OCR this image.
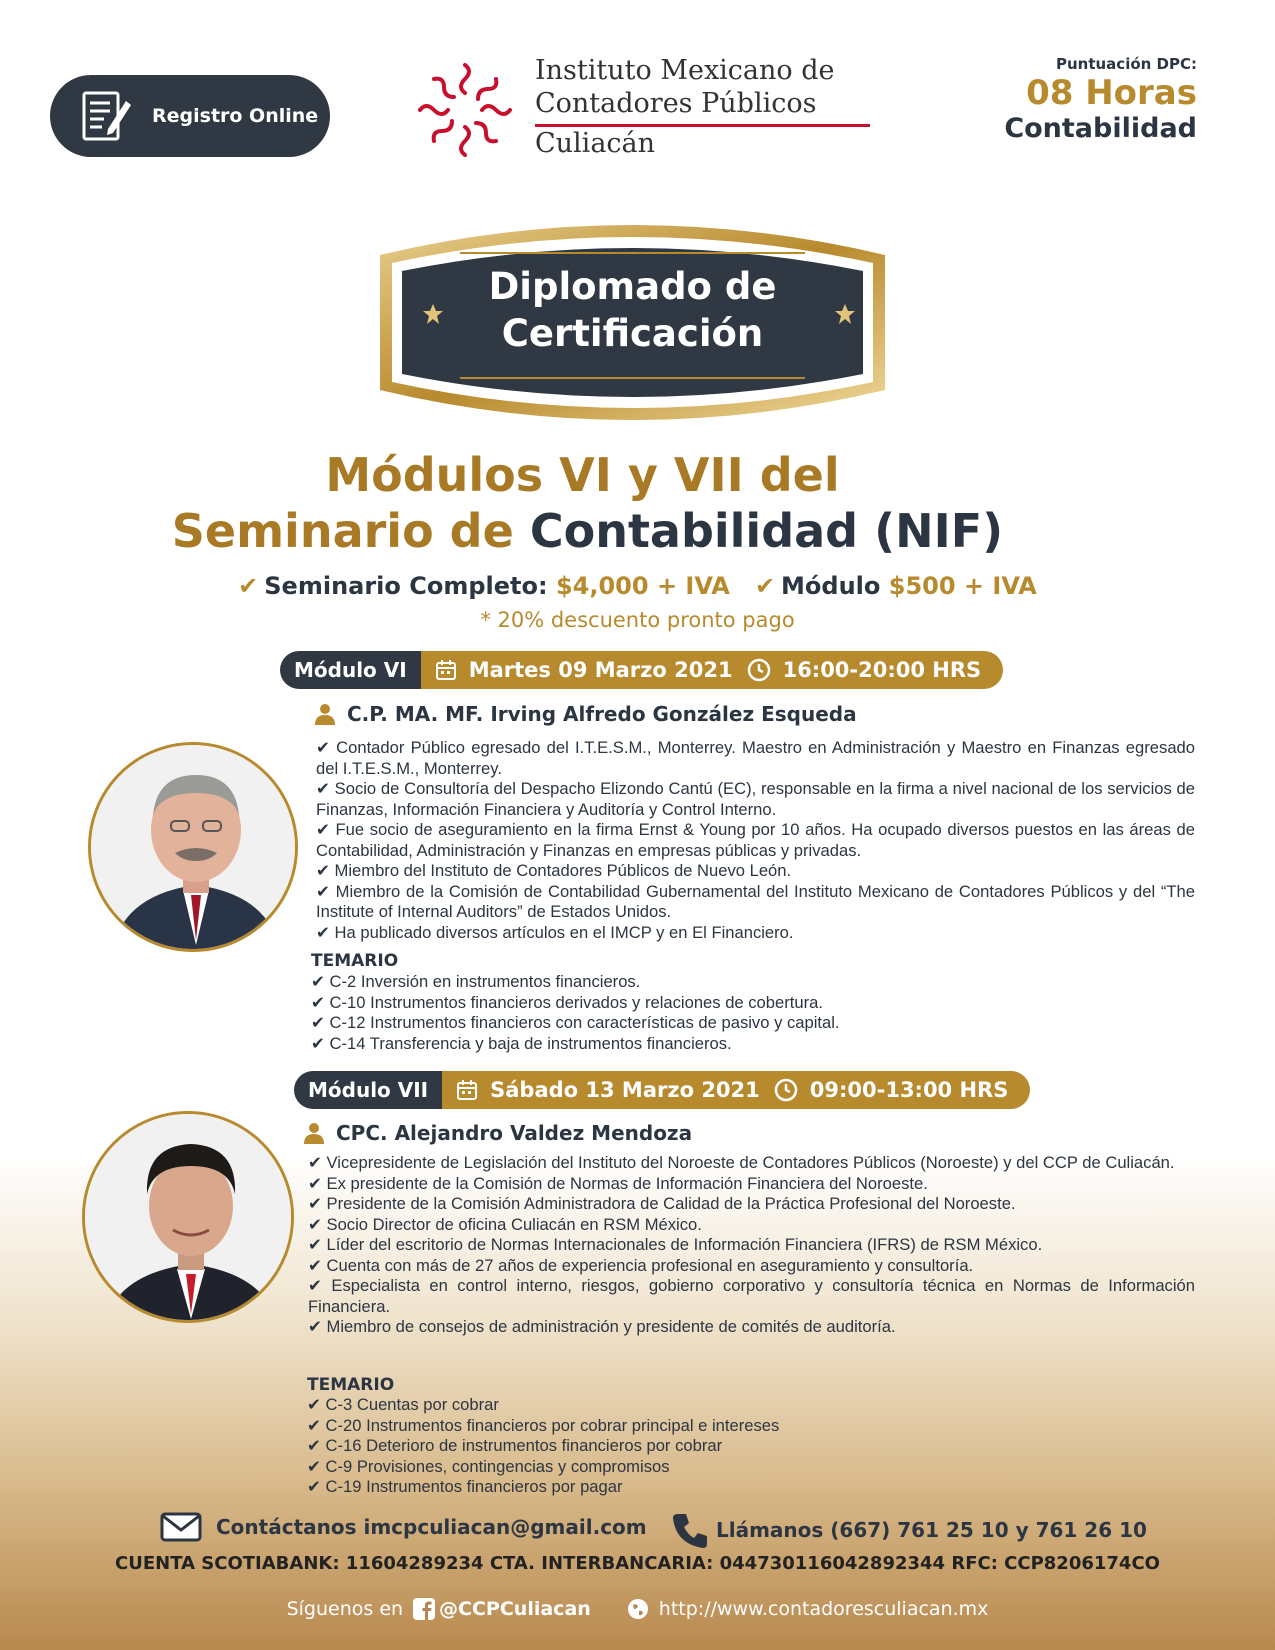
Registro Online
Instituto Mexicano de
Contadores Públicos
Culiacán
Puntuación DPC:
08 Horas
Contabilidad
Diplomado de
Certificación
Módulos VI y VII del
Seminario de Contabilidad (NIF)
✔ Seminario Completo: $4,000 + IVA ✔ Módulo $500 + IVA
* 20% descuento pronto pago
Módulo VI	Martes 09 Marzo 2021 16:00-20:00 HRS
C.P. MA. MF. Irving Alfredo González Esqueda
✔ Contador Público egresado del I.T.E.S.M., Monterrey. Maestro en Administración y Maestro en Finanzas egresado del I.T.E.S.M., Monterrey.
✔ Socio de Consultoría del Despacho Elizondo Cantú (EC), responsable en la firma a nivel nacional de los servicios de Finanzas, Información Financiera y Auditoría y Control Interno.
✔ Fue socio de aseguramiento en la firma Ernst & Young por 10 años. Ha ocupado diversos puestos en las áreas de Contabilidad, Administración y Finanzas en empresas públicas y privadas.
✔ Miembro del Instituto de Contadores Públicos de Nuevo León.
✔ Miembro de la Comisión de Contabilidad Gubernamental del Instituto Mexicano de Contadores Públicos y del “The Institute of Internal Auditors” de Estados Unidos.
✔ Ha publicado diversos artículos en el IMCP y en El Financiero.
TEMARIO
✔ C-2 Inversión en instrumentos financieros.
✔ C-10 Instrumentos financieros derivados y relaciones de cobertura.
✔ C-12 Instrumentos financieros con características de pasivo y capital.
✔ C-14 Transferencia y baja de instrumentos financieros.
Módulo VII	Sábado 13 Marzo 2021 09:00-13:00 HRS
CPC. Alejandro Valdez Mendoza
✔ Vicepresidente de Legislación del Instituto del Noroeste de Contadores Públicos (Noroeste) y del CCP de Culiacán.
✔ Ex presidente de la Comisión de Normas de Información Financiera del Noroeste.
✔ Presidente de la Comisión Administradora de Calidad de la Práctica Profesional del Noroeste.
✔ Socio Director de oficina Culiacán en RSM México.
✔ Líder del escritorio de Normas Internacionales de Información Financiera (IFRS) de RSM México.
✔ Cuenta con más de 27 años de experiencia profesional en aseguramiento y consultoría.
✔ Especialista en control interno, riesgos, gobierno corporativo y consultoría técnica en Normas de Información Financiera.
✔ Miembro de consejos de administración y presidente de comités de auditoría.
TEMARIO
✔ C-3 Cuentas por cobrar
✔ C-20 Instrumentos financieros por cobrar principal e intereses
✔ C-16 Deterioro de instrumentos financieros por cobrar
✔ C-9 Provisiones, contingencias y compromisos
✔ C-19 Instrumentos financieros por pagar
Contáctanos imcpculiacan@gmail.com	Llámanos (667) 761 25 10 y 761 26 10
CUENTA SCOTIABANK: 11604289234 CTA. INTERBANCARIA: 044730116042892344 RFC: CCP8206174CO
Síguenos en @CCPCuliacan	http://www.contadoresculiacan.mx
